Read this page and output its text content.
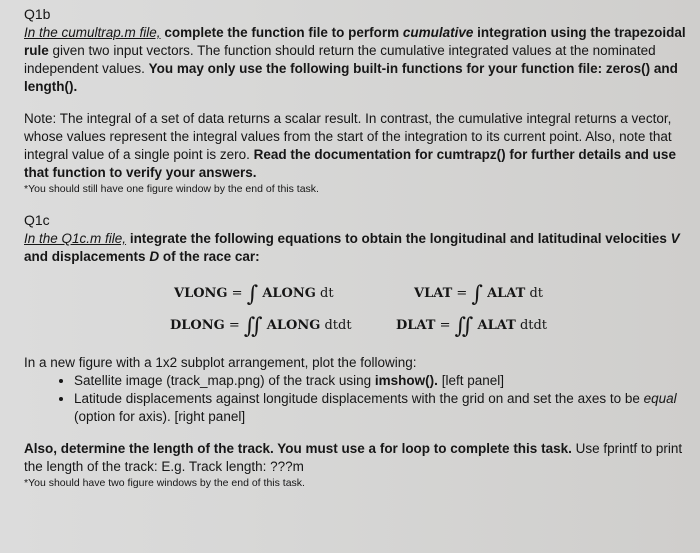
Q1b

In the cumultrap.m file, complete the function file to perform cumulative integration using the trapezoidal rule given two input vectors. The function should return the cumulative integrated values at the nominated independent values. You may only use the following built-in functions for your function file: zeros() and length().

Note: The integral of a set of data returns a scalar result. In contrast, the cumulative integral returns a vector, whose values represent the integral values from the start of the integration to its current point. Also, note that integral value of a single point is zero. Read the documentation for cumtrapz() for further details and use that function to verify your answers.

*You should still have one figure window by the end of this task.

Q1c

In the Q1c.m file, integrate the following equations to obtain the longitudinal and latitudinal velocities V and displacements D of the race car:

VLONG = ∫ ALONG dt
DLONG = ∬ ALONG dtdt
VLAT = ∫ ALAT dt
DLAT = ∬ ALAT dtdt

In a new figure with a 1x2 subplot arrangement, plot the following:

• Satellite image (track_map.png) of the track using imshow(). [left panel]
• Latitude displacements against longitude displacements with the grid on and set the axes to be equal (option for axis). [right panel]

Also, determine the length of the track. You must use a for loop to complete this task. Use fprintf to print the length of the track: E.g. Track length: ???m

*You should have two figure windows by the end of this task.
